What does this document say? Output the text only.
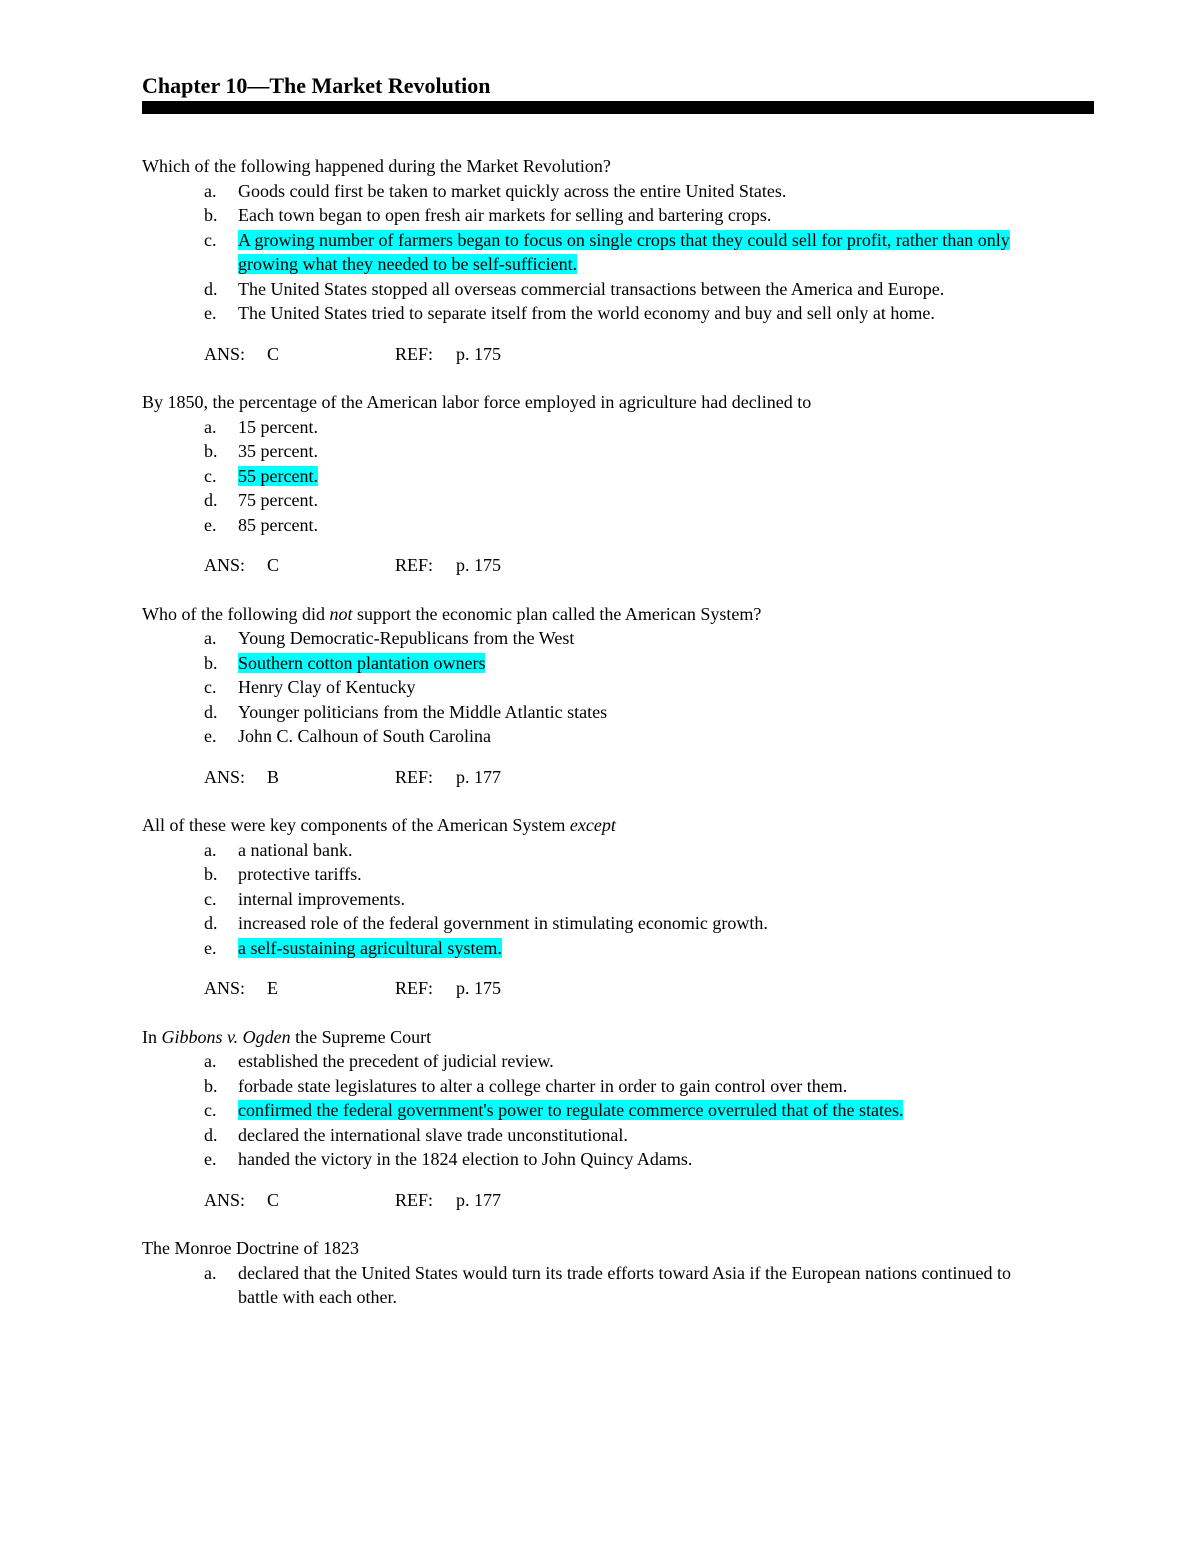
Chapter 10—The Market Revolution

Which of the following happened during the Market Revolution?

a.	Goods could first be taken to market quickly across the entire United States.
b.	Each town began to open fresh air markets for selling and bartering crops.
c.	A growing number of farmers began to focus on single crops that they could sell for profit, rather than only growing what they needed to be self-sufficient.
d.	The United States stopped all overseas commercial transactions between the America and Europe.
e.	The United States tried to separate itself from the world economy and buy and sell only at home.
ANS:	C	REF:	p. 175

By 1850, the percentage of the American labor force employed in agriculture had declined to

a.	15 percent.
b.	35 percent.
c.	55 percent.
d.	75 percent.
e.	85 percent.
ANS:	C	REF:	p. 175

Who of the following did not support the economic plan called the American System?

a.	Young Democratic-Republicans from the West
b.	Southern cotton plantation owners
c.	Henry Clay of Kentucky
d.	Younger politicians from the Middle Atlantic states
e.	John C. Calhoun of South Carolina
ANS:	B	REF:	p. 177

All of these were key components of the American System except

a.	a national bank.
b.	protective tariffs.
c.	internal improvements.
d.	increased role of the federal government in stimulating economic growth.
e.	a self-sustaining agricultural system.
ANS:	E	REF:	p. 175

In Gibbons v. Ogden the Supreme Court

a.	established the precedent of judicial review.
b.	forbade state legislatures to alter a college charter in order to gain control over them.
c.	confirmed the federal government's power to regulate commerce overruled that of the states.
d.	declared the international slave trade unconstitutional.
e.	handed the victory in the 1824 election to John Quincy Adams.
ANS:	C	REF:	p. 177

The Monroe Doctrine of 1823

a.	declared that the United States would turn its trade efforts toward Asia if the European nations continued to battle with each other.
